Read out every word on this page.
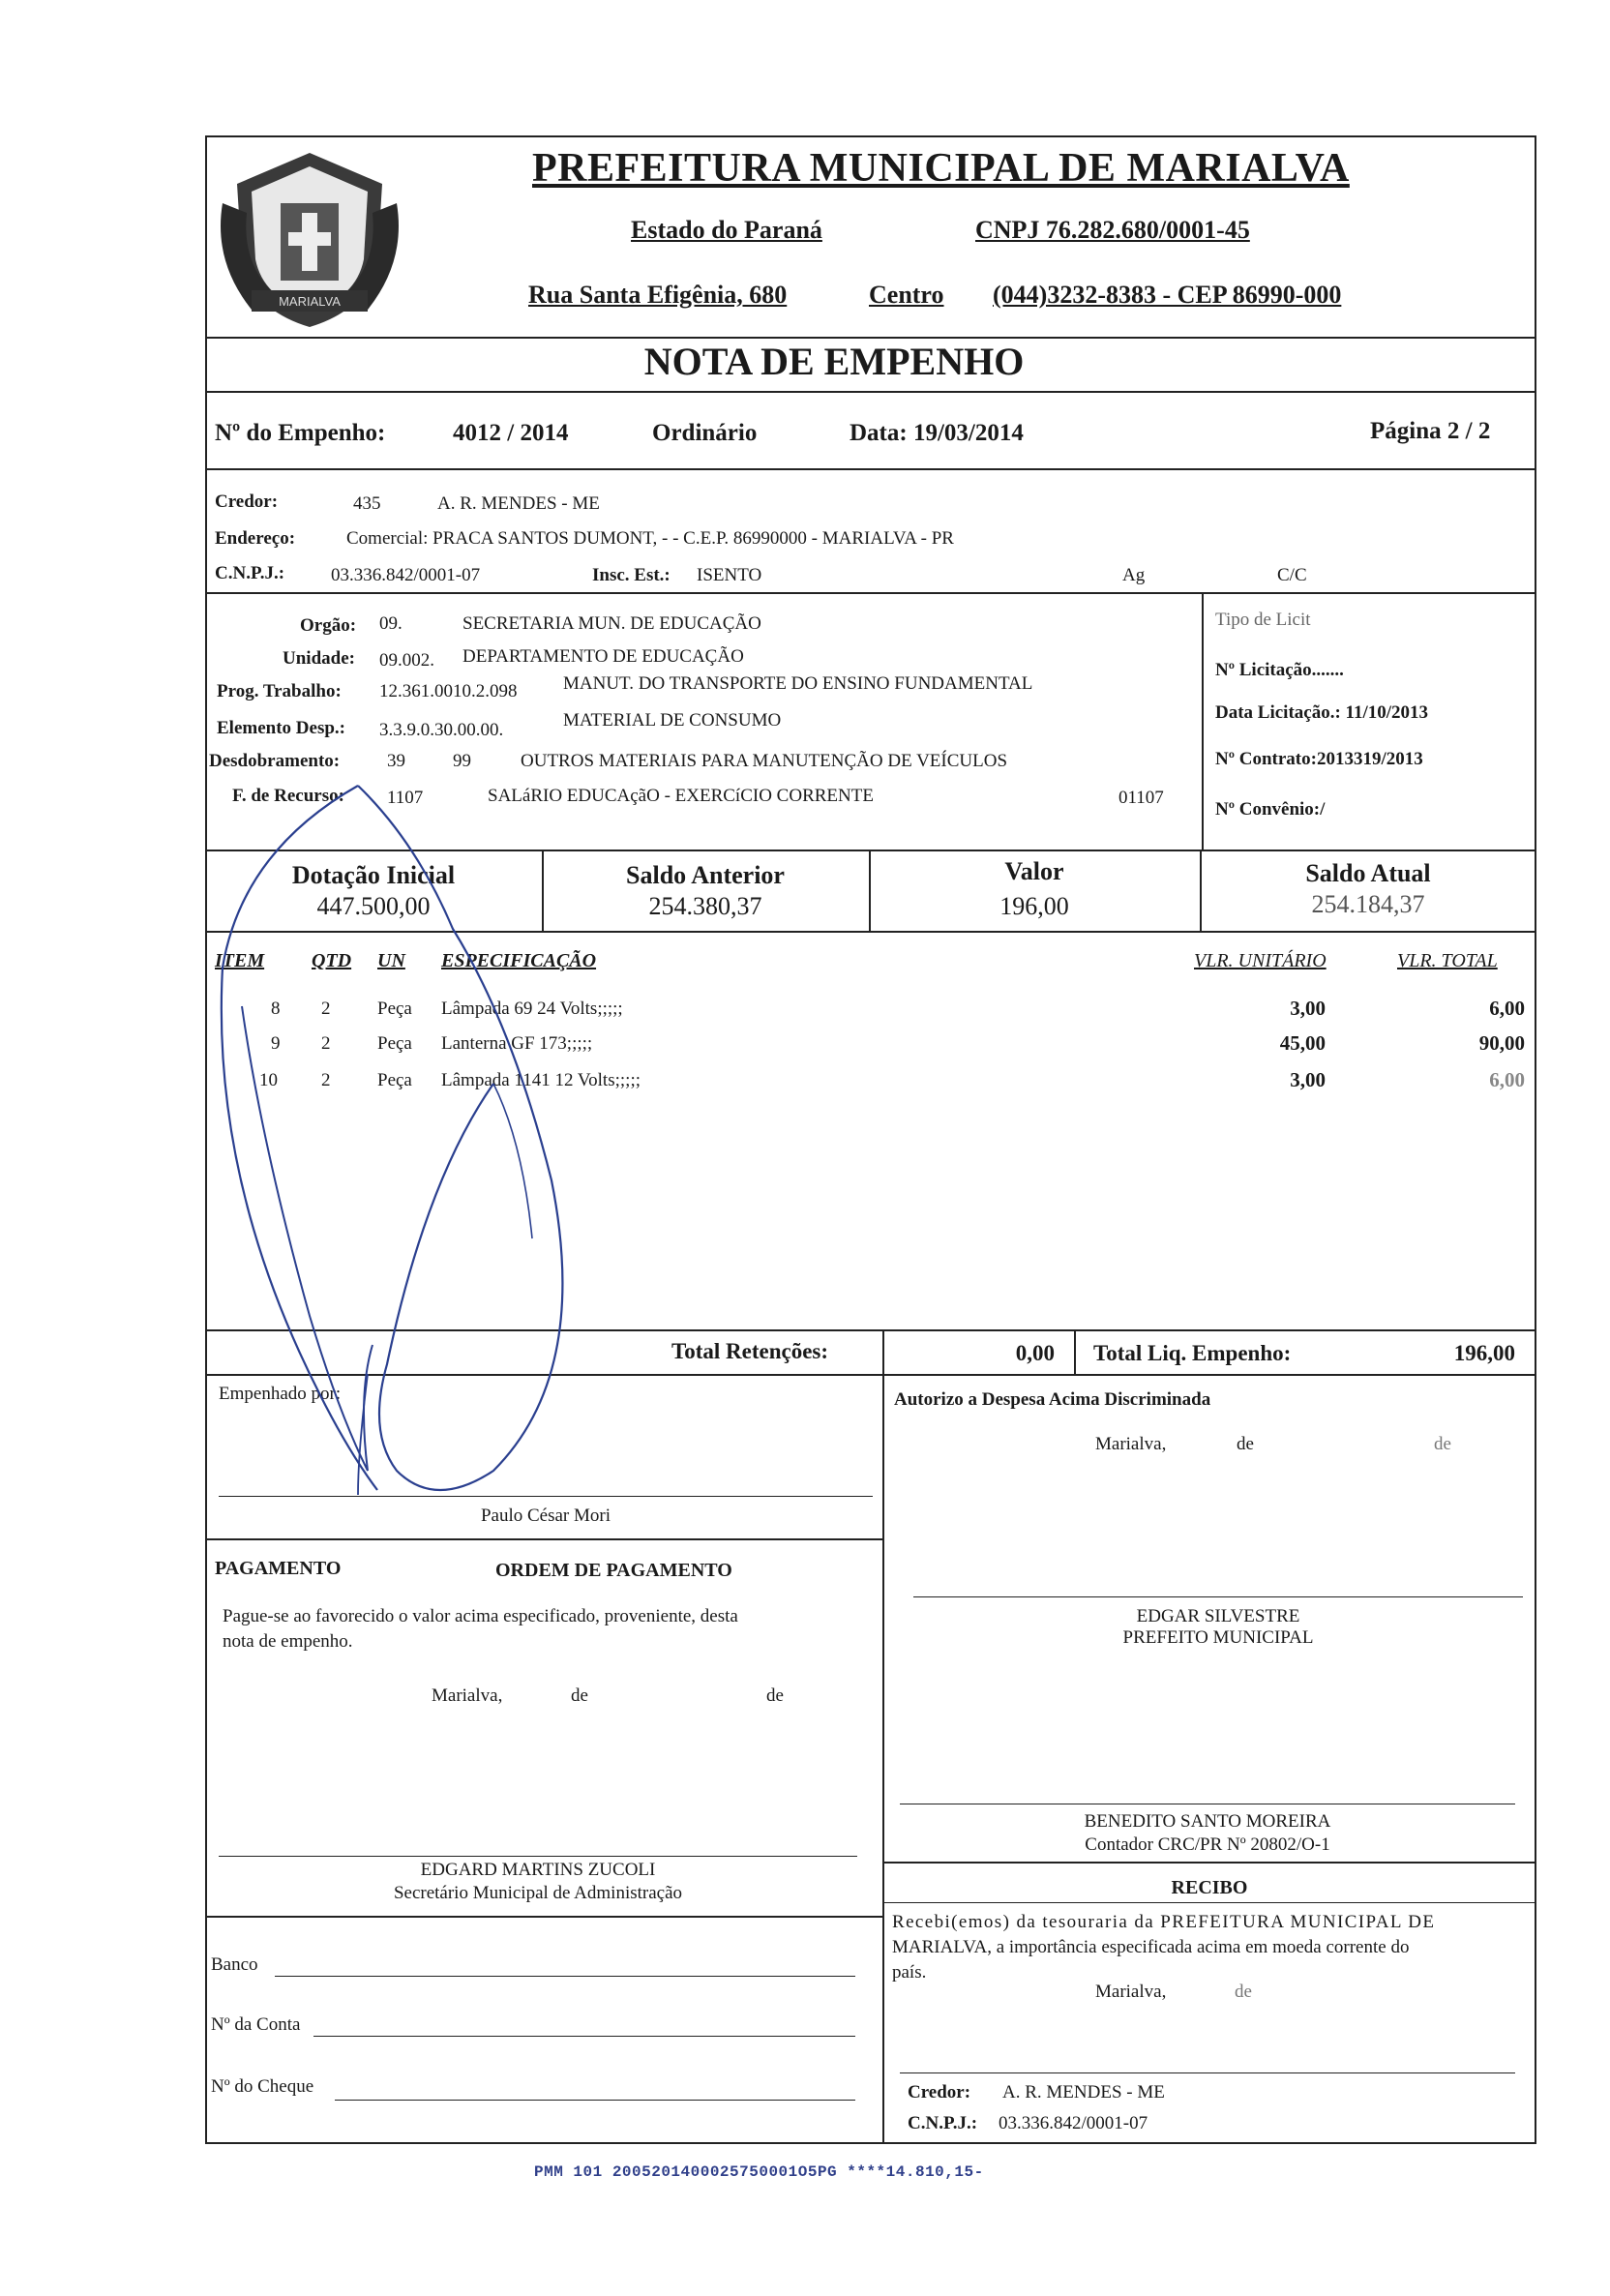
MARIALVA
PREFEITURA MUNICIPAL DE MARIALVA
Estado do Paraná	CNPJ 76.282.680/0001-45
Rua Santa Efigênia, 680	Centro (044)3232-8383 - CEP 86990-000
NOTA DE EMPENHO
Nº do Empenho:	4012 / 2014	Ordinário	Data: 19/03/2014	Página 2 / 2
Credor:	435	A. R. MENDES - ME
Endereço:	Comercial: PRACA SANTOS DUMONT, - - C.E.P. 86990000 - MARIALVA - PR
C.N.P.J.:	03.336.842/0001-07	Insc. Est.: ISENTO	Ag	C/C
Orgão: 09.	SECRETARIA MUN. DE EDUCAÇÃO
Unidade: 09.002. DEPARTAMENTO DE EDUCAÇÃO
Prog. Trabalho: 12.361.0010.2.098	MANUT. DO TRANSPORTE DO ENSINO FUNDAMENTAL
Elemento Desp.: 3.3.9.0.30.00.00.	MATERIAL DE CONSUMO
Desdobramento:	39	99	OUTROS MATERIAIS PARA MANUTENÇÃO DE VEÍCULOS
F. de Recurso: 1107	SALáRIO EDUCAçãO - EXERCíCIO CORRENTE	01107
Tipo de Licit
Nº Licitação.......
Data Licitação.: 11/10/2013
Nº Contrato:2013319/2013
Nº Convênio:/
Dotação Inicial
447.500,00
Saldo Anterior
254.380,37
Valor
196,00
Saldo Atual
254.184,37
ITEM QTD UN ESPECIFICAÇÃO	VLR. UNITÁRIO	VLR. TOTAL
8 2	Peça Lâmpada 69 24 Volts;;;;;	3,00	6,00
9 2	Peça Lanterna GF 173;;;;;	45,00	90,00
10 2	Peça Lâmpada 1141 12 Volts;;;;;	3,00	6,00
Total Retenções:	0,00 Total Liq. Empenho:	196,00
Empenhado por:
Paulo César Mori
Autorizo a Despesa Acima Discriminada
Marialva,	de	de
EDGAR SILVESTRE
PREFEITO MUNICIPAL
PAGAMENTO	ORDEM DE PAGAMENTO
Pague-se ao favorecido o valor acima especificado, proveniente, desta
nota de empenho.
Marialva,	de	de
EDGARD MARTINS ZUCOLI
Secretário Municipal de Administração
Banco
Nº da Conta
Nº do Cheque
BENEDITO SANTO MOREIRA
Contador CRC/PR Nº 20802/O-1
RECIBO
Recebi(emos) da tesouraria da PREFEITURA MUNICIPAL DE
MARIALVA, a importância especificada acima em moeda corrente do
país.
Marialva,	de
Credor: A. R. MENDES - ME
C.N.P.J.: 03.336.842/0001-07
PMM 101 2005201400025750001O5PG ****14.810,15-
